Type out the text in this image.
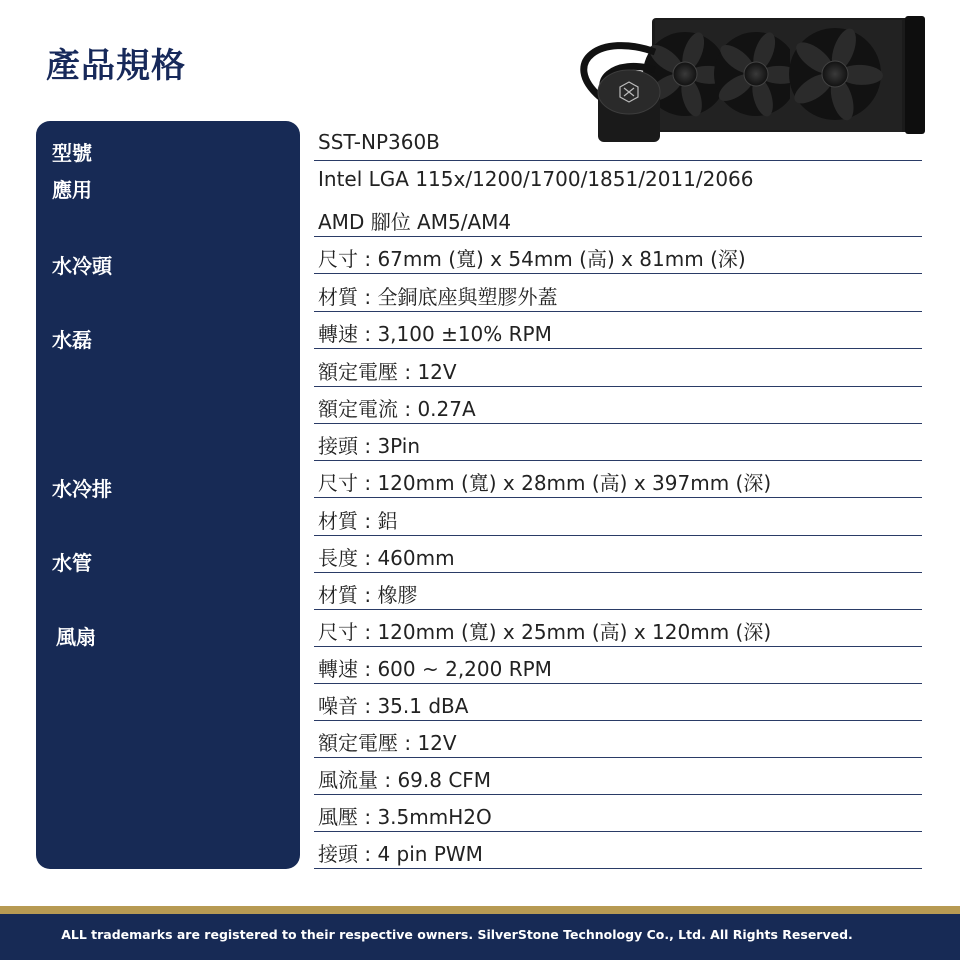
產品規格
型號
應用
水冷頭
水磊
水冷排
水管
風扇
SST-NP360B
Intel LGA 115x/1200/1700/1851/2011/2066
AMD 腳位 AM5/AM4
尺寸 : 67mm (寬) x 54mm (高) x 81mm (深)
材質 : 全銅底座與塑膠外蓋
轉速 : 3,100 ±10% RPM
額定電壓 : 12V
額定電流 : 0.27A
接頭 : 3Pin
尺寸 : 120mm (寬) x 28mm (高) x 397mm (深)
材質 : 鋁
長度 : 460mm
材質 : 橡膠
尺寸 : 120mm (寬) x 25mm (高) x 120mm (深)
轉速 : 600 ~ 2,200 RPM
噪音 : 35.1 dBA
額定電壓 : 12V
風流量 : 69.8 CFM
風壓 : 3.5mmH2O
接頭 : 4 pin PWM
ALL trademarks are registered to their respective owners. SilverStone Technology Co., Ltd. All Rights Reserved.
